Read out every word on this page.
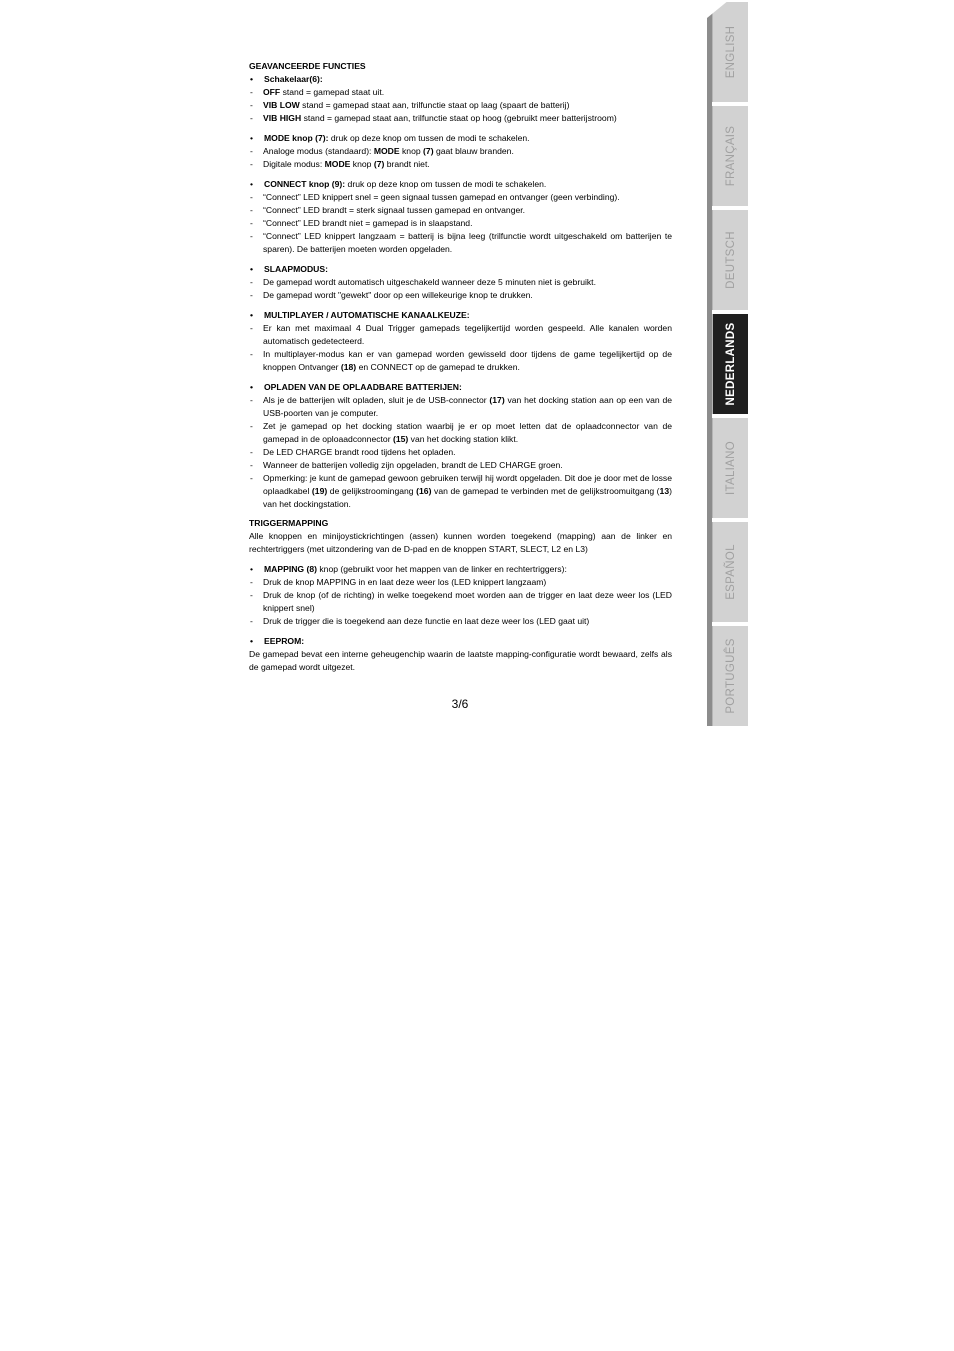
ENGLISH
FRANÇAIS
DEUTSCH
NEDERLANDS
ITALIANO
ESPAÑOL
PORTUGUÊS
GEAVANCEERDE FUNCTIES
• Schakelaar(6):
- OFF stand = gamepad staat uit.
- VIB LOW stand = gamepad staat aan, trilfunctie staat op laag (spaart de batterij)
- VIB HIGH stand = gamepad staat aan, trilfunctie staat op hoog (gebruikt meer batterijstroom)
• MODE knop (7): druk op deze knop om tussen de modi te schakelen.
- Analoge modus (standaard): MODE knop (7) gaat blauw branden.
- Digitale modus: MODE knop (7) brandt niet.
• CONNECT knop (9): druk op deze knop om tussen de modi te schakelen.
- “Connect” LED knippert snel = geen signaal tussen gamepad en ontvanger (geen verbinding).
- “Connect” LED brandt = sterk signaal tussen gamepad en ontvanger.
- “Connect” LED brandt niet = gamepad is in slaapstand.
- “Connect” LED knippert langzaam = batterij is bijna leeg (trilfunctie wordt uitgeschakeld om batterijen te sparen). De batterijen moeten worden opgeladen.
• SLAAPMODUS:
- De gamepad wordt automatisch uitgeschakeld wanneer deze 5 minuten niet is gebruikt.
- De gamepad wordt "gewekt" door op een willekeurige knop te drukken.
• MULTIPLAYER / AUTOMATISCHE KANAALKEUZE:
- Er kan met maximaal 4 Dual Trigger gamepads tegelijkertijd worden gespeeld. Alle kanalen worden automatisch gedetecteerd.
- In multiplayer-modus kan er van gamepad worden gewisseld door tijdens de game tegelijkertijd op de knoppen Ontvanger (18) en CONNECT op de gamepad te drukken.
• OPLADEN VAN DE OPLAADBARE BATTERIJEN:
- Als je de batterijen wilt opladen, sluit je de USB-connector (17) van het docking station aan op een van de USB-poorten van je computer.
- Zet je gamepad op het docking station waarbij je er op moet letten dat de oplaadconnector van de gamepad in de oploaadconnector (15) van het docking station klikt.
- De LED CHARGE brandt rood tijdens het opladen.
- Wanneer de batterijen volledig zijn opgeladen, brandt de LED CHARGE groen.
- Opmerking: je kunt de gamepad gewoon gebruiken terwijl hij wordt opgeladen. Dit doe je door met de losse oplaadkabel (19) de gelijkstroomingang (16) van de gamepad te verbinden met de gelijkstroomuitgang (13) van het dockingstation.
TRIGGERMAPPING
Alle knoppen en minijoystickrichtingen (assen) kunnen worden toegekend (mapping) aan de linker en rechtertriggers (met uitzondering van de D-pad en de knoppen START, SLECT, L2 en L3)
• MAPPING (8) knop (gebruikt voor het mappen van de linker en rechtertriggers):
- Druk de knop MAPPING in en laat deze weer los (LED knippert langzaam)
- Druk de knop (of de richting) in welke toegekend moet worden aan de trigger en laat deze weer los (LED knippert snel)
- Druk de trigger die is toegekend aan deze functie en laat deze weer los (LED gaat uit)
• EEPROM:
De gamepad bevat een interne geheugenchip waarin de laatste mapping-configuratie wordt bewaard, zelfs als de gamepad wordt uitgezet.
3/6
